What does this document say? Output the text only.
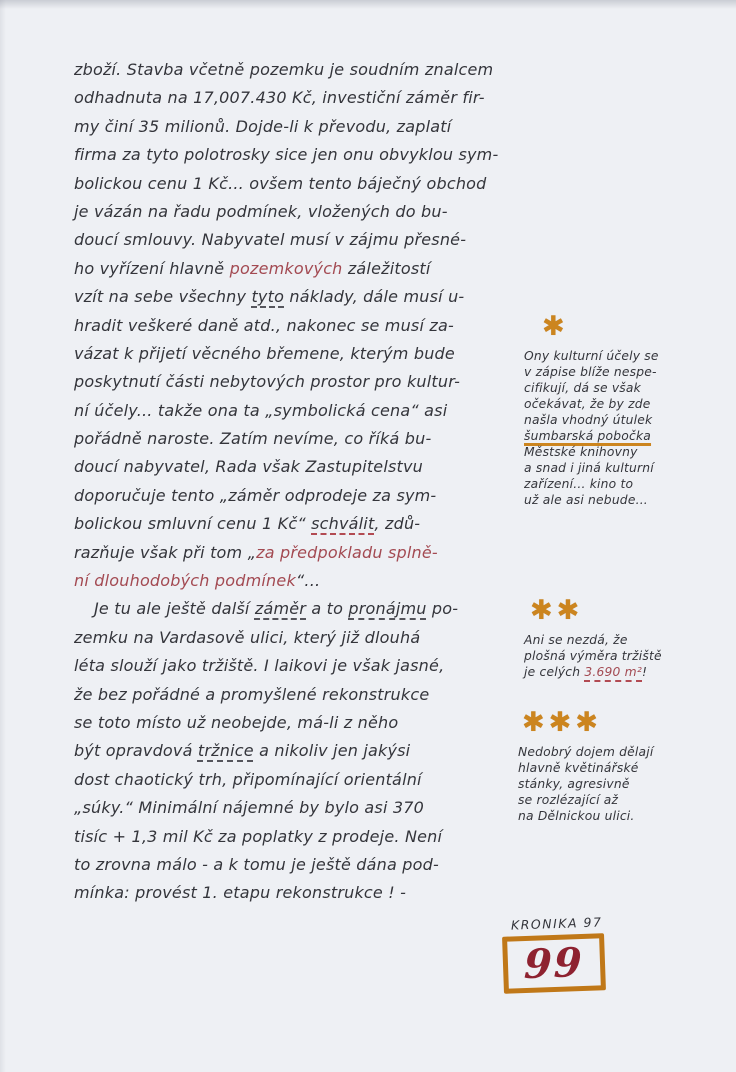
zboží. Stavba včetně pozemku je soudním znalcem
odhadnuta na 17,007.430 Kč, investiční záměr fir-
my činí 35 milionů. Dojde-li k převodu, zaplatí
firma za tyto polotrosky sice jen onu obvyklou sym-
bolickou cenu 1 Kč... ovšem tento báječný obchod
je vázán na řadu podmínek, vložených do bu-
doucí smlouvy. Nabyvatel musí v zájmu přesné-
ho vyřízení hlavně pozemkových záležitostí
vzít na sebe všechny tyto náklady, dále musí u-
hradit veškeré daně atd., nakonec se musí za-
vázat k přijetí věcného břemene, kterým bude
poskytnutí části nebytových prostor pro kultur-
ní účely... takže ona ta „symbolická cena“ asi
pořádně naroste. Zatím nevíme, co říká bu-
doucí nabyvatel, Rada však Zastupitelstvu
doporučuje tento „záměr odprodeje za sym-
bolickou smluvní cenu 1 Kč“ schválit, zdů-
razňuje však při tom „za předpokladu splně-
ní dlouhodobých podmínek“...
Je tu ale ještě další záměr a to pronájmu po-
zemku na Vardasově ulici, který již dlouhá
léta slouží jako tržiště. I laikovi je však jasné,
že bez pořádné a promyšlené rekonstrukce
se toto místo už neobejde, má-li z něho
být opravdová tržnice a nikoliv jen jakýsi
dost chaotický trh, připomínající orientální
„súky.“ Minimální nájemné by bylo asi 370
tisíc + 1,3 mil Kč za poplatky z prodeje. Není
to zrovna málo - a k tomu je ještě dána pod-
mínka: provést 1. etapu rekonstrukce ! -
✱
Ony kulturní účely se
v zápise blíže nespe-
cifikují, dá se však
očekávat, že by zde
našla vhodný útulek
šumbarská pobočka
Městské knihovny
a snad i jiná kulturní
zařízení... kino to
už ale asi nebude...
✱✱
Ani se nezdá, že
plošná výměra tržiště
je celých 3.690 m²!
✱✱✱
Nedobrý dojem dělají
hlavně květinářské
stánky, agresivně
se rozlézající až
na Dělnickou ulici.
KRONIKA 97
99
